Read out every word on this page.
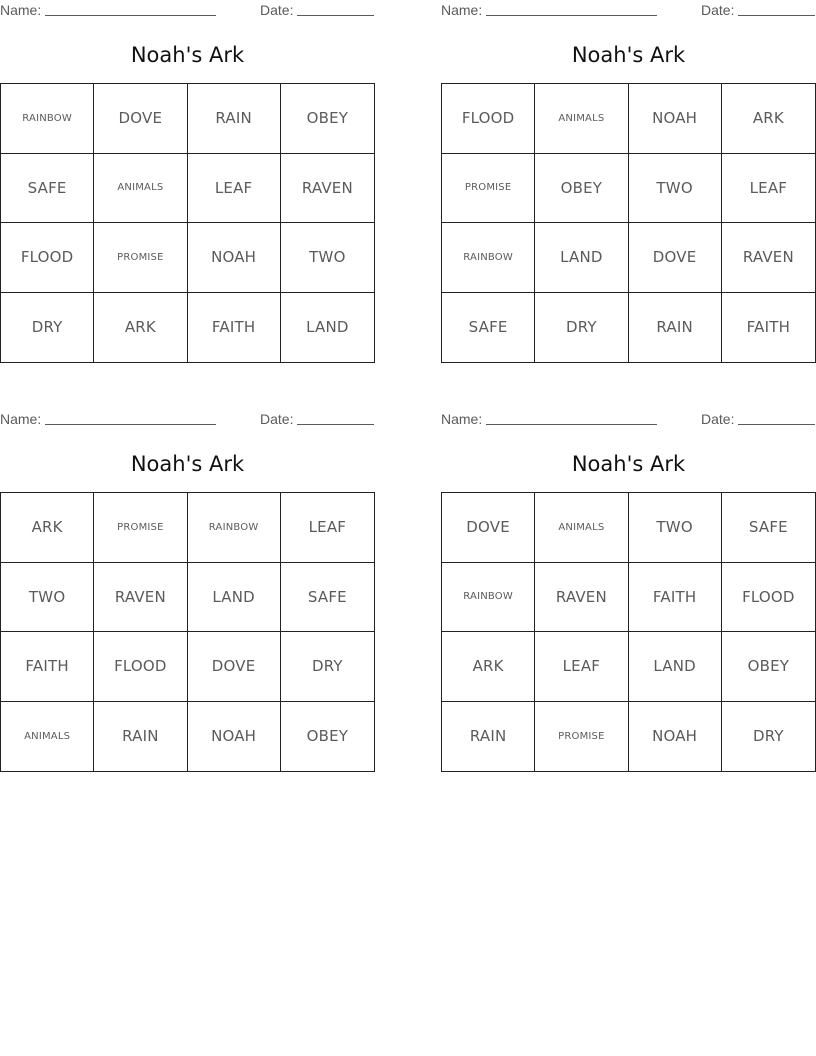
Name:	Date:
Noah's Ark
RAINBOW	DOVE	RAIN	OBEY
SAFE	ANIMALS	LEAF	RAVEN
FLOOD	PROMISE	NOAH	TWO
DRY	ARK	FAITH	LAND
Name:	Date:
Noah's Ark
FLOOD	ANIMALS	NOAH	ARK
PROMISE	OBEY	TWO	LEAF
RAINBOW	LAND	DOVE	RAVEN
SAFE	DRY	RAIN	FAITH
Name:	Date:
Noah's Ark
ARK	PROMISE	RAINBOW	LEAF
TWO	RAVEN	LAND	SAFE
FAITH	FLOOD	DOVE	DRY
ANIMALS	RAIN	NOAH	OBEY
Name:	Date:
Noah's Ark
DOVE	ANIMALS	TWO	SAFE
RAINBOW	RAVEN	FAITH	FLOOD
ARK	LEAF	LAND	OBEY
RAIN	PROMISE	NOAH	DRY
